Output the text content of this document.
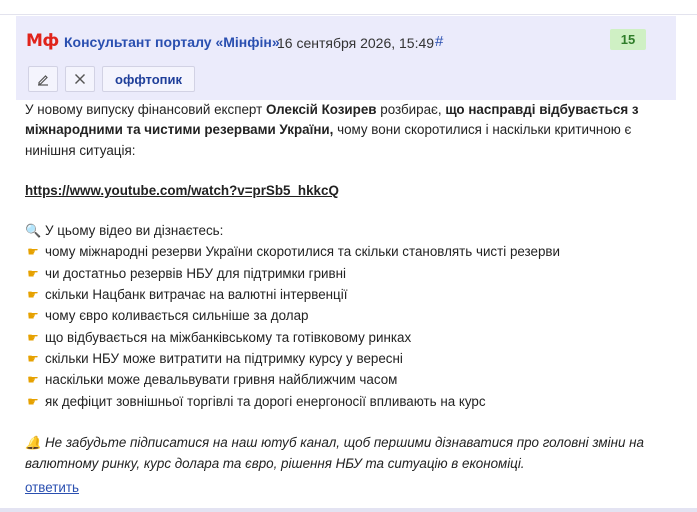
Мф Консультант порталу «Мінфін»
16 сентября 2026, 15:49 #	15
оффтопик

У новому випуску фінансовий експерт Олексій Козирев розбирає, що насправді відбувається з міжнародними та чистими резервами України, чому вони скоротилися і наскільки критичною є нинішня ситуація:

https://www.youtube.com/watch?v=prSb5_hkkcQ

🔍 У цьому відео ви дізнаєтесь:

☛ чому міжнародні резерви України скоротилися та скільки становлять чисті резерви

☛ чи достатньо резервів НБУ для підтримки гривні

☛ скільки Нацбанк витрачає на валютні інтервенції

☛ чому євро коливається сильніше за долар

☛ що відбувається на міжбанківському та готівковому ринках

☛ скільки НБУ може витратити на підтримку курсу у вересні

☛ наскільки може девальвувати гривня найближчим часом

☛ як дефіцит зовнішньої торгівлі та дорогі енергоносії впливають на курс

🔔 Не забудьте підписатися на наш ютуб канал, щоб першими дізнаватися про головні зміни на валютному ринку, курс долара та євро, рішення НБУ та ситуацію в економіці.

ответить
